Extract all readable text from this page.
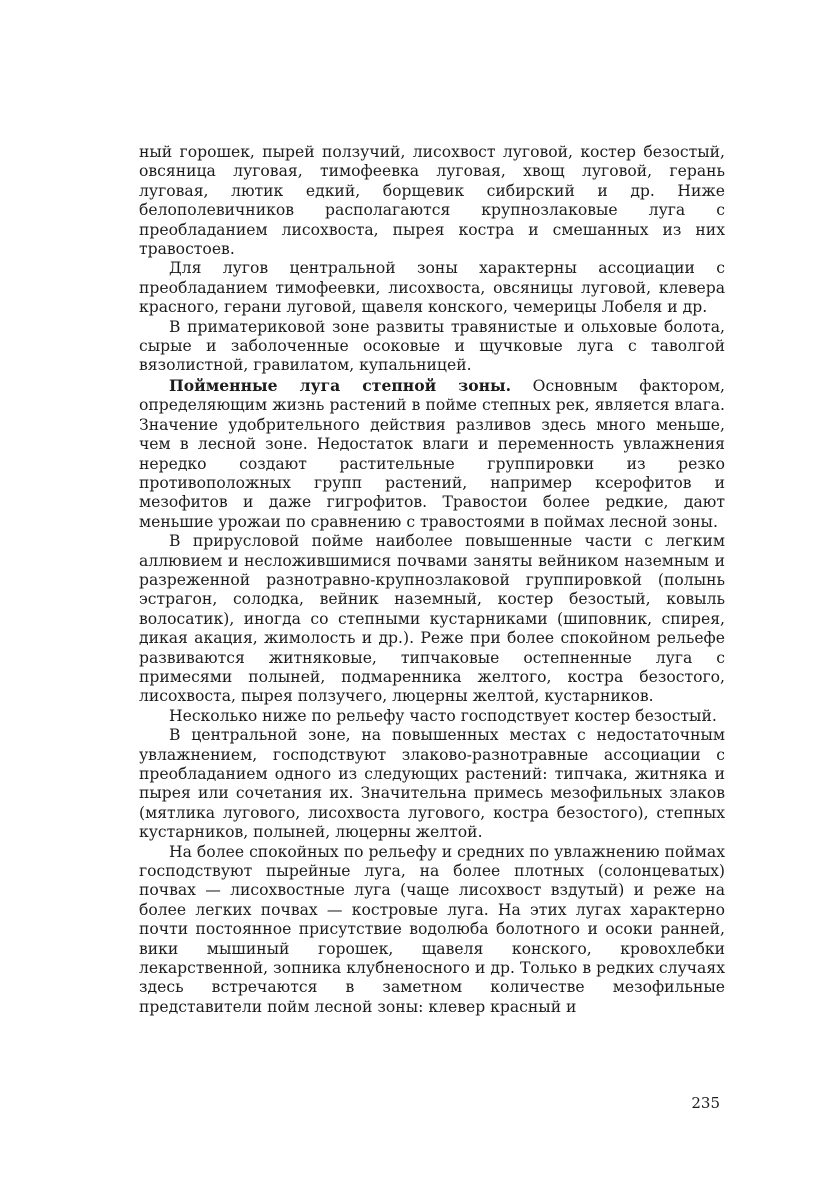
ный горошек, пырей ползучий, лисохвост луговой, костер безостый, овсяница луговая, тимофеевка луговая, хвощ луговой, герань луговая, лютик едкий, борщевик сибирский и др. Ниже белополевичников располагаются крупнозлаковые луга с преобладанием лисохвоста, пырея костра и смешанных из них травостоев.

Для лугов центральной зоны характерны ассоциации с преобладанием тимофеевки, лисохвоста, овсяницы луговой, клевера красного, герани луговой, щавеля конского, чемерицы Лобеля и др.

В приматериковой зоне развиты травянистые и ольховые болота, сырые и заболоченные осоковые и щучковые луга с таволгой вязолистной, гравилатом, купальницей.

Пойменные луга степной зоны. Основным фактором, определяющим жизнь растений в пойме степных рек, является влага. Значение удобрительного действия разливов здесь много меньше, чем в лесной зоне. Недостаток влаги и переменность увлажнения нередко создают растительные группировки из резко противоположных групп растений, например ксерофитов и мезофитов и даже гигрофитов. Травостои более редкие, дают меньшие урожаи по сравнению с травостоями в поймах лесной зоны.

В прирусловой пойме наиболее повышенные части с легким аллювием и несложившимися почвами заняты вейником наземным и разреженной разнотравно-крупнозлаковой группировкой (полынь эстрагон, солодка, вейник наземный, костер безостый, ковыль волосатик), иногда со степными кустарниками (шиповник, спирея, дикая акация, жимолость и др.). Реже при более спокойном рельефе развиваются житняковые, типчаковые остепненные луга с примесями полыней, подмаренника желтого, костра безостого, лисохвоста, пырея ползучего, люцерны желтой, кустарников.

Несколько ниже по рельефу часто господствует костер безостый.

В центральной зоне, на повышенных местах с недостаточным увлажнением, господствуют злаково-разнотравные ассоциации с преобладанием одного из следующих растений: типчака, житняка и пырея или сочетания их. Значительна примесь мезофильных злаков (мятлика лугового, лисохвоста лугового, костра безостого), степных кустарников, полыней, люцерны желтой.

На более спокойных по рельефу и средних по увлажнению поймах господствуют пырейные луга, на более плотных (солонцеватых) почвах — лисохвостные луга (чаще лисохвост вздутый) и реже на более легких почвах — костровые луга. На этих лугах характерно почти постоянное присутствие водолюба болотного и осоки ранней, вики мышиный горошек, щавеля конского, кровохлебки лекарственной, зопника клубненосного и др. Только в редких случаях здесь встречаются в заметном количестве мезофильные представители пойм лесной зоны: клевер красный и

235
